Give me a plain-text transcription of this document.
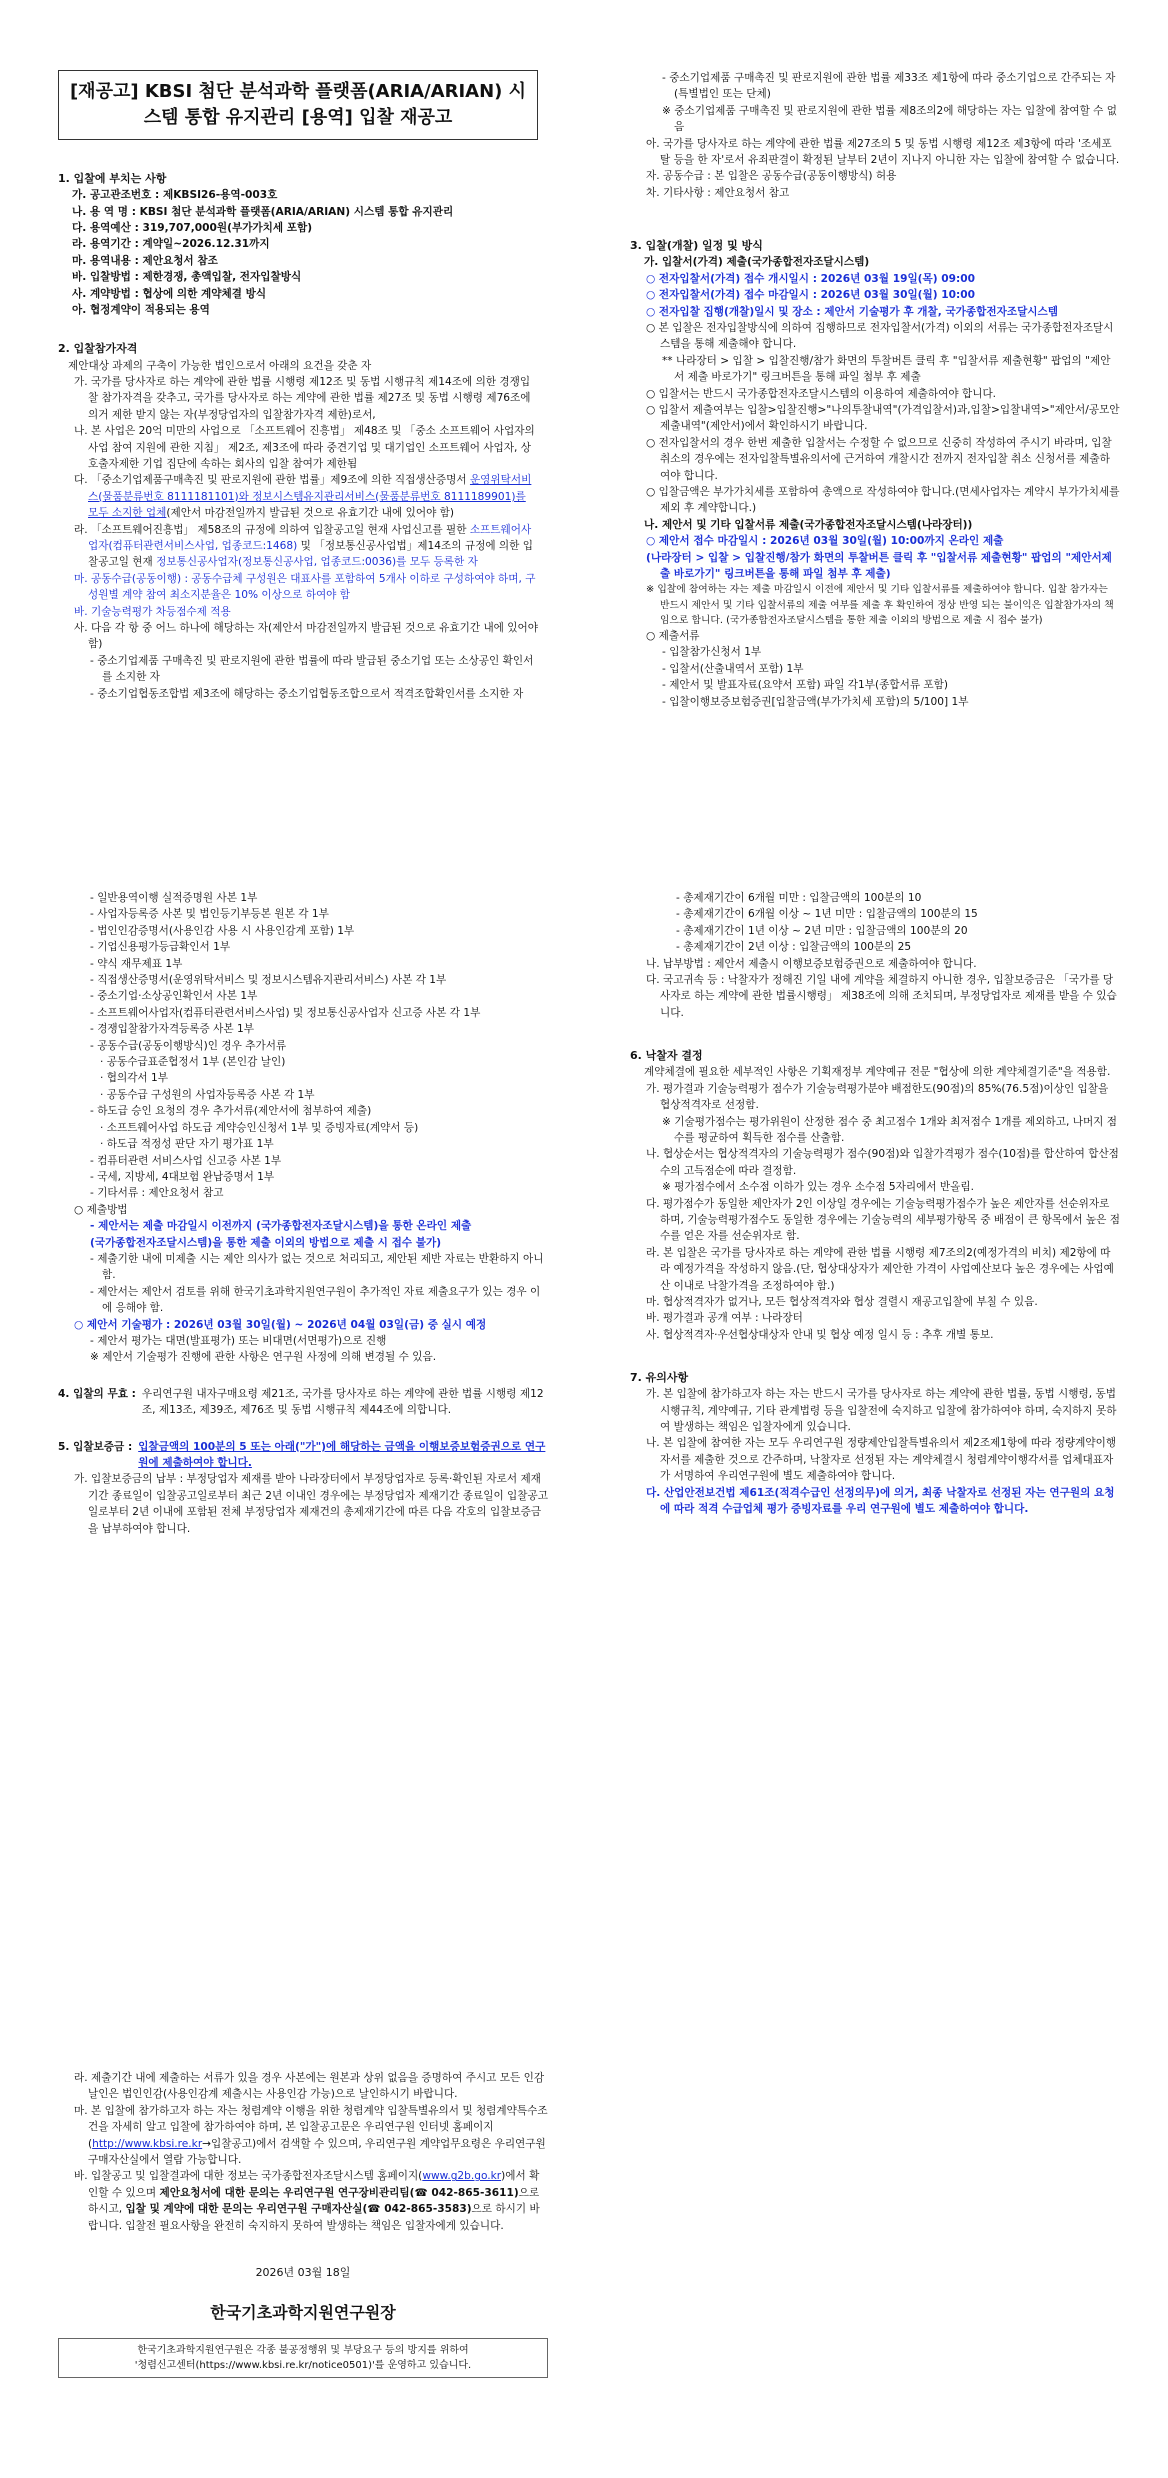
[재공고] KBSI 첨단 분석과학 플랫폼(ARIA/ARIAN) 시스템 통합 유지관리 [용역] 입찰 재공고
1. 입찰에 부치는 사항
가. 공고관조번호 : 제KBSI26-용역-003호
나. 용 역 명 : KBSI 첨단 분석과학 플랫폼(ARIA/ARIAN) 시스템 통합 유지관리
다. 용역예산 : 319,707,000원(부가가치세 포함)
라. 용역기간 : 계약일~2026.12.31까지
마. 용역내용 : 제안요청서 참조
바. 입찰방법 : 제한경쟁, 총액입찰, 전자입찰방식
사. 계약방법 : 협상에 의한 계약체결 방식
아. 협정계약이 적용되는 용역
2. 입찰참가자격
제안대상 과제의 구축이 가능한 법인으로서 아래의 요건을 갖춘 자
가. 국가를 당사자로 하는 계약에 관한 법률 시행령 제12조 및 동법 시행규칙 제14조에 의한 경쟁입찰 참가자격을 갖추고, 국가를 당사자로 하는 계약에 관한 법률 제27조 및 동법 시행령 제76조에 의거 제한 받지 않는 자(부정당업자의 입찰참가자격 제한)로서,
나. 본 사업은 20억 미만의 사업으로 「소프트웨어 진흥법」 제48조 및 「중소 소프트웨어 사업자의 사업 참여 지원에 관한 지침」 제2조, 제3조에 따라 중견기업 및 대기업인 소프트웨어 사업자, 상호출자제한 기업 집단에 속하는 회사의 입찰 참여가 제한됨
다. 「중소기업제품구매촉진 및 판로지원에 관한 법률」제9조에 의한 직접생산증명서 운영위탁서비스(물품분류번호 8111181101)와 정보시스템유지관리서비스(물품분류번호 8111189901)를 모두 소지한 업체(제안서 마감전일까지 발급된 것으로 유효기간 내에 있어야 함)
라. 「소프트웨어진흥법」 제58조의 규정에 의하여 입찰공고일 현재 사업신고를 필한 소프트웨어사업자(컴퓨터관련서비스사업, 업종코드:1468) 및 「정보통신공사업법」제14조의 규정에 의한 입찰공고일 현재 정보통신공사업자(정보통신공사업, 업종코드:0036)를 모두 등록한 자
마. 공동수급(공동이행) : 공동수급체 구성원은 대표사를 포함하여 5개사 이하로 구성하여야 하며, 구성원별 계약 참여 최소지분율은 10% 이상으로 하여야 함
바. 기술능력평가 차등점수제 적용
사. 다음 각 항 중 어느 하나에 해당하는 자(제안서 마감전일까지 발급된 것으로 유효기간 내에 있어야 함)
- 중소기업제품 구매촉진 및 판로지원에 관한 법률에 따라 발급된 중소기업 또는 소상공인 확인서를 소지한 자
- 중소기업협동조합법 제3조에 해당하는 중소기업협동조합으로서 적격조합확인서를 소지한 자
- 중소기업제품 구매촉진 및 판로지원에 관한 법률 제33조 제1항에 따라 중소기업으로 간주되는 자(특별법인 또는 단체)
※ 중소기업제품 구매촉진 및 판로지원에 관한 법률 제8조의2에 해당하는 자는 입찰에 참여할 수 없음
아. 국가를 당사자로 하는 계약에 관한 법률 제27조의 5 및 동법 시행령 제12조 제3항에 따라 '조세포탈 등을 한 자'로서 유죄판결이 확정된 날부터 2년이 지나지 아니한 자는 입찰에 참여할 수 없습니다.
자. 공동수급 : 본 입찰은 공동수급(공동이행방식) 허용
차. 기타사항 : 제안요청서 참고
3. 입찰(개찰) 일정 및 방식
가. 입찰서(가격) 제출(국가종합전자조달시스템)
○ 전자입찰서(가격) 접수 개시일시 : 2026년 03월 19일(목) 09:00
○ 전자입찰서(가격) 접수 마감일시 : 2026년 03월 30일(월) 10:00
○ 전자입찰 집행(개찰)일시 및 장소 : 제안서 기술평가 후 개찰, 국가종합전자조달시스템
○ 본 입찰은 전자입찰방식에 의하여 집행하므로 전자입찰서(가격) 이외의 서류는 국가종합전자조달시스템을 통해 제출해야 합니다.
** 나라장터 > 입찰 > 입찰진행/참가 화면의 투찰버튼 클릭 후 "입찰서류 제출현황" 팝업의 "제안서 제출 바로가기" 링크버튼을 통해 파일 첨부 후 제출
○ 입찰서는 반드시 국가종합전자조달시스템의 이용하여 제출하여야 합니다.
○ 입찰서 제출여부는 입찰>입찰진행>"나의투찰내역"(가격입찰서)과,입찰>입찰내역>"제안서/공모안 제출내역"(제안서)에서 확인하시기 바랍니다.
○ 전자입찰서의 경우 한번 제출한 입찰서는 수정할 수 없으므로 신중히 작성하여 주시기 바라며, 입찰취소의 경우에는 전자입찰특별유의서에 근거하여 개찰시간 전까지 전자입찰 취소 신청서를 제출하여야 합니다.
○ 입찰금액은 부가가치세를 포함하여 총액으로 작성하여야 합니다.(면세사업자는 계약시 부가가치세를 제외 후 계약합니다.)
나. 제안서 및 기타 입찰서류 제출(국가종합전자조달시스템(나라장터))
○ 제안서 접수 마감일시 : 2026년 03월 30일(월) 10:00까지 온라인 제출
(나라장터 > 입찰 > 입찰진행/참가 화면의 투찰버튼 클릭 후 "입찰서류 제출현황" 팝업의 "제안서제출 바로가기" 링크버튼을 통해 파일 첨부 후 제출)
※ 입찰에 참여하는 자는 제출 마감일시 이전에 제안서 및 기타 입찰서류를 제출하여야 합니다. 입찰 참가자는 반드시 제안서 및 기타 입찰서류의 제출 여부를 제출 후 확인하여 정상 반영 되는 불이익은 입찰참가자의 책임으로 합니다. (국가종합전자조달시스템을 통한 제출 이외의 방법으로 제출 시 접수 불가)
○ 제출서류
- 입찰참가신청서 1부
- 입찰서(산출내역서 포함) 1부
- 제안서 및 발표자료(요약서 포함) 파일 각1부(종합서류 포함)
- 입찰이행보증보험증권[입찰금액(부가가치세 포함)의 5/100] 1부
- 일반용역이행 실적증명원 사본 1부
- 사업자등록증 사본 및 법인등기부등본 원본 각 1부
- 법인인감증명서(사용인감 사용 시 사용인감계 포함) 1부
- 기업신용평가등급확인서 1부
- 약식 재무제표 1부
- 직접생산증명서(운영위탁서비스 및 정보시스템유지관리서비스) 사본 각 1부
- 중소기업·소상공인확인서 사본 1부
- 소프트웨어사업자(컴퓨터관련서비스사업) 및 정보통신공사업자 신고증 사본 각 1부
- 경쟁입찰참가자격등록증 사본 1부
- 공동수급(공동이행방식)인 경우 추가서류
· 공동수급표준협정서 1부 (본인감 날인)
· 협의각서 1부
· 공동수급 구성원의 사업자등록증 사본 각 1부
- 하도급 승인 요청의 경우 추가서류(제안서에 첨부하여 제출)
· 소프트웨어사업 하도급 계약승인신청서 1부 및 증빙자료(계약서 등)
· 하도급 적정성 판단 자기 평가표 1부
- 컴퓨터관련 서비스사업 신고증 사본 1부
- 국세, 지방세, 4대보험 완납증명서 1부
- 기타서류 : 제안요청서 참고
○ 제출방법
- 제안서는 제출 마감일시 이전까지 (국가종합전자조달시스템)을 통한 온라인 제출
(국가종합전자조달시스템)을 통한 제출 이외의 방법으로 제출 시 접수 불가)
- 제출기한 내에 미제출 시는 제안 의사가 없는 것으로 처리되고, 제안된 제반 자료는 반환하지 아니함.
- 제안서는 제안서 검토를 위해 한국기초과학지원연구원이 추가적인 자료 제출요구가 있는 경우 이에 응해야 함.
○ 제안서 기술평가 : 2026년 03월 30일(월) ~ 2026년 04월 03일(금) 중 실시 예정
- 제안서 평가는 대면(발표평가) 또는 비대면(서면평가)으로 진행
※ 제안서 기술평가 진행에 관한 사항은 연구원 사정에 의해 변경될 수 있음.
4. 입찰의 무효 : 우리연구원 내자구매요령 제21조, 국가를 당사자로 하는 계약에 관한 법률 시행령 제12조, 제13조, 제39조, 제76조 및 동법 시행규칙 제44조에 의합니다.
5. 입찰보증금 : 입찰금액의 100분의 5 또는 아래("가")에 해당하는 금액을 이행보증보험증권으로 연구원에 제출하여야 합니다.
가. 입찰보증금의 납부 : 부정당업자 제재를 받아 나라장터에서 부정당업자로 등록·확인된 자로서 제재기간 종료일이 입찰공고일로부터 최근 2년 이내인 경우에는 부정당업자 제재기간 종료일이 입찰공고일로부터 2년 이내에 포함된 전체 부정당업자 제재건의 총제재기간에 따른 다음 각호의 입찰보증금을 납부하여야 합니다.
- 총제재기간이 6개월 미만 : 입찰금액의 100분의 10
- 총제재기간이 6개월 이상 ~ 1년 미만 : 입찰금액의 100분의 15
- 총제재기간이 1년 이상 ~ 2년 미만 : 입찰금액의 100분의 20
- 총제재기간이 2년 이상 : 입찰금액의 100분의 25
나. 납부방법 : 제안서 제출시 이행보증보험증권으로 제출하여야 합니다.
다. 국고귀속 등 : 낙찰자가 정해진 기일 내에 계약을 체결하지 아니한 경우, 입찰보증금은 「국가를 당사자로 하는 계약에 관한 법률시행령」 제38조에 의해 조치되며, 부정당업자로 제재를 받을 수 있습니다.
6. 낙찰자 결정
계약체결에 필요한 세부적인 사항은 기획재정부 계약예규 전문 "협상에 의한 계약체결기준"을 적용함.
가. 평가결과 기술능력평가 점수가 기술능력평가분야 배점한도(90점)의 85%(76.5점)이상인 입찰을 협상적격자로 선정함.
※ 기술평가점수는 평가위원이 산정한 점수 중 최고점수 1개와 최저점수 1개를 제외하고, 나머지 점수를 평균하여 획득한 점수를 산출함.
나. 협상순서는 협상적격자의 기술능력평가 점수(90점)와 입찰가격평가 점수(10점)를 합산하여 합산점수의 고득점순에 따라 결정함.
※ 평가점수에서 소수점 이하가 있는 경우 소수점 5자리에서 반올림.
다. 평가점수가 동일한 제안자가 2인 이상일 경우에는 기술능력평가점수가 높은 제안자를 선순위자로 하며, 기술능력평가점수도 동일한 경우에는 기술능력의 세부평가항목 중 배점이 큰 항목에서 높은 점수를 얻은 자를 선순위자로 함.
라. 본 입찰은 국가를 당사자로 하는 계약에 관한 법률 시행령 제7조의2(예정가격의 비치) 제2항에 따라 예정가격을 작성하지 않음.(단, 협상대상자가 제안한 가격이 사업예산보다 높은 경우에는 사업예산 이내로 낙찰가격을 조정하여야 함.)
마. 협상적격자가 없거나, 모든 협상적격자와 협상 결렬시 재공고입찰에 부칠 수 있음.
바. 평가결과 공개 여부 : 나라장터
사. 협상적격자·우선협상대상자 안내 및 협상 예정 일시 등 : 추후 개별 통보.
7. 유의사항
가. 본 입찰에 참가하고자 하는 자는 반드시 국가를 당사자로 하는 계약에 관한 법률, 동법 시행령, 동법 시행규칙, 계약예규, 기타 관계법령 등을 입찰전에 숙지하고 입찰에 참가하여야 하며, 숙지하지 못하여 발생하는 책임은 입찰자에게 있습니다.
나. 본 입찰에 참여한 자는 모두 우리연구원 정량제안입찰특별유의서 제2조제1항에 따라 정량계약이행자서를 제출한 것으로 간주하며, 낙찰자로 선정된 자는 계약체결시 청렴계약이행각서를 업체대표자가 서명하여 우리연구원에 별도 제출하여야 합니다.
다. 산업안전보건법 제61조(적격수급인 선정의무)에 의거, 최종 낙찰자로 선정된 자는 연구원의 요청에 따라 적격 수급업체 평가 증빙자료를 우리 연구원에 별도 제출하여야 합니다.
라. 제출기간 내에 제출하는 서류가 있을 경우 사본에는 원본과 상위 없음을 증명하여 주시고 모든 인감날인은 법인인감(사용인감계 제출시는 사용인감 가능)으로 날인하시기 바랍니다.
마. 본 입찰에 참가하고자 하는 자는 청렴계약 이행을 위한 청렴계약 입찰특별유의서 및 청렴계약특수조건을 자세히 알고 입찰에 참가하여야 하며, 본 입찰공고문은 우리연구원 인터넷 홈페이지(http://www.kbsi.re.kr→입찰공고)에서 검색할 수 있으며, 우리연구원 계약업무요령은 우리연구원 구매자산실에서 열람 가능합니다.
바. 입찰공고 및 입찰결과에 대한 정보는 국가종합전자조달시스템 홈페이지(www.g2b.go.kr)에서 확인할 수 있으며 제안요청서에 대한 문의는 우리연구원 연구장비관리팀(☎ 042-865-3611)으로 하시고, 입찰 및 계약에 대한 문의는 우리연구원 구매자산실(☎ 042-865-3583)으로 하시기 바랍니다. 입찰전 필요사항을 완전히 숙지하지 못하여 발생하는 책임은 입찰자에게 있습니다.
2026년 03월 18일
한국기초과학지원연구원장
한국기초과학지원연구원은 각종 불공정행위 및 부당요구 등의 방지를 위하여
'청렴신고센터(https://www.kbsi.re.kr/notice0501)'를 운영하고 있습니다.
